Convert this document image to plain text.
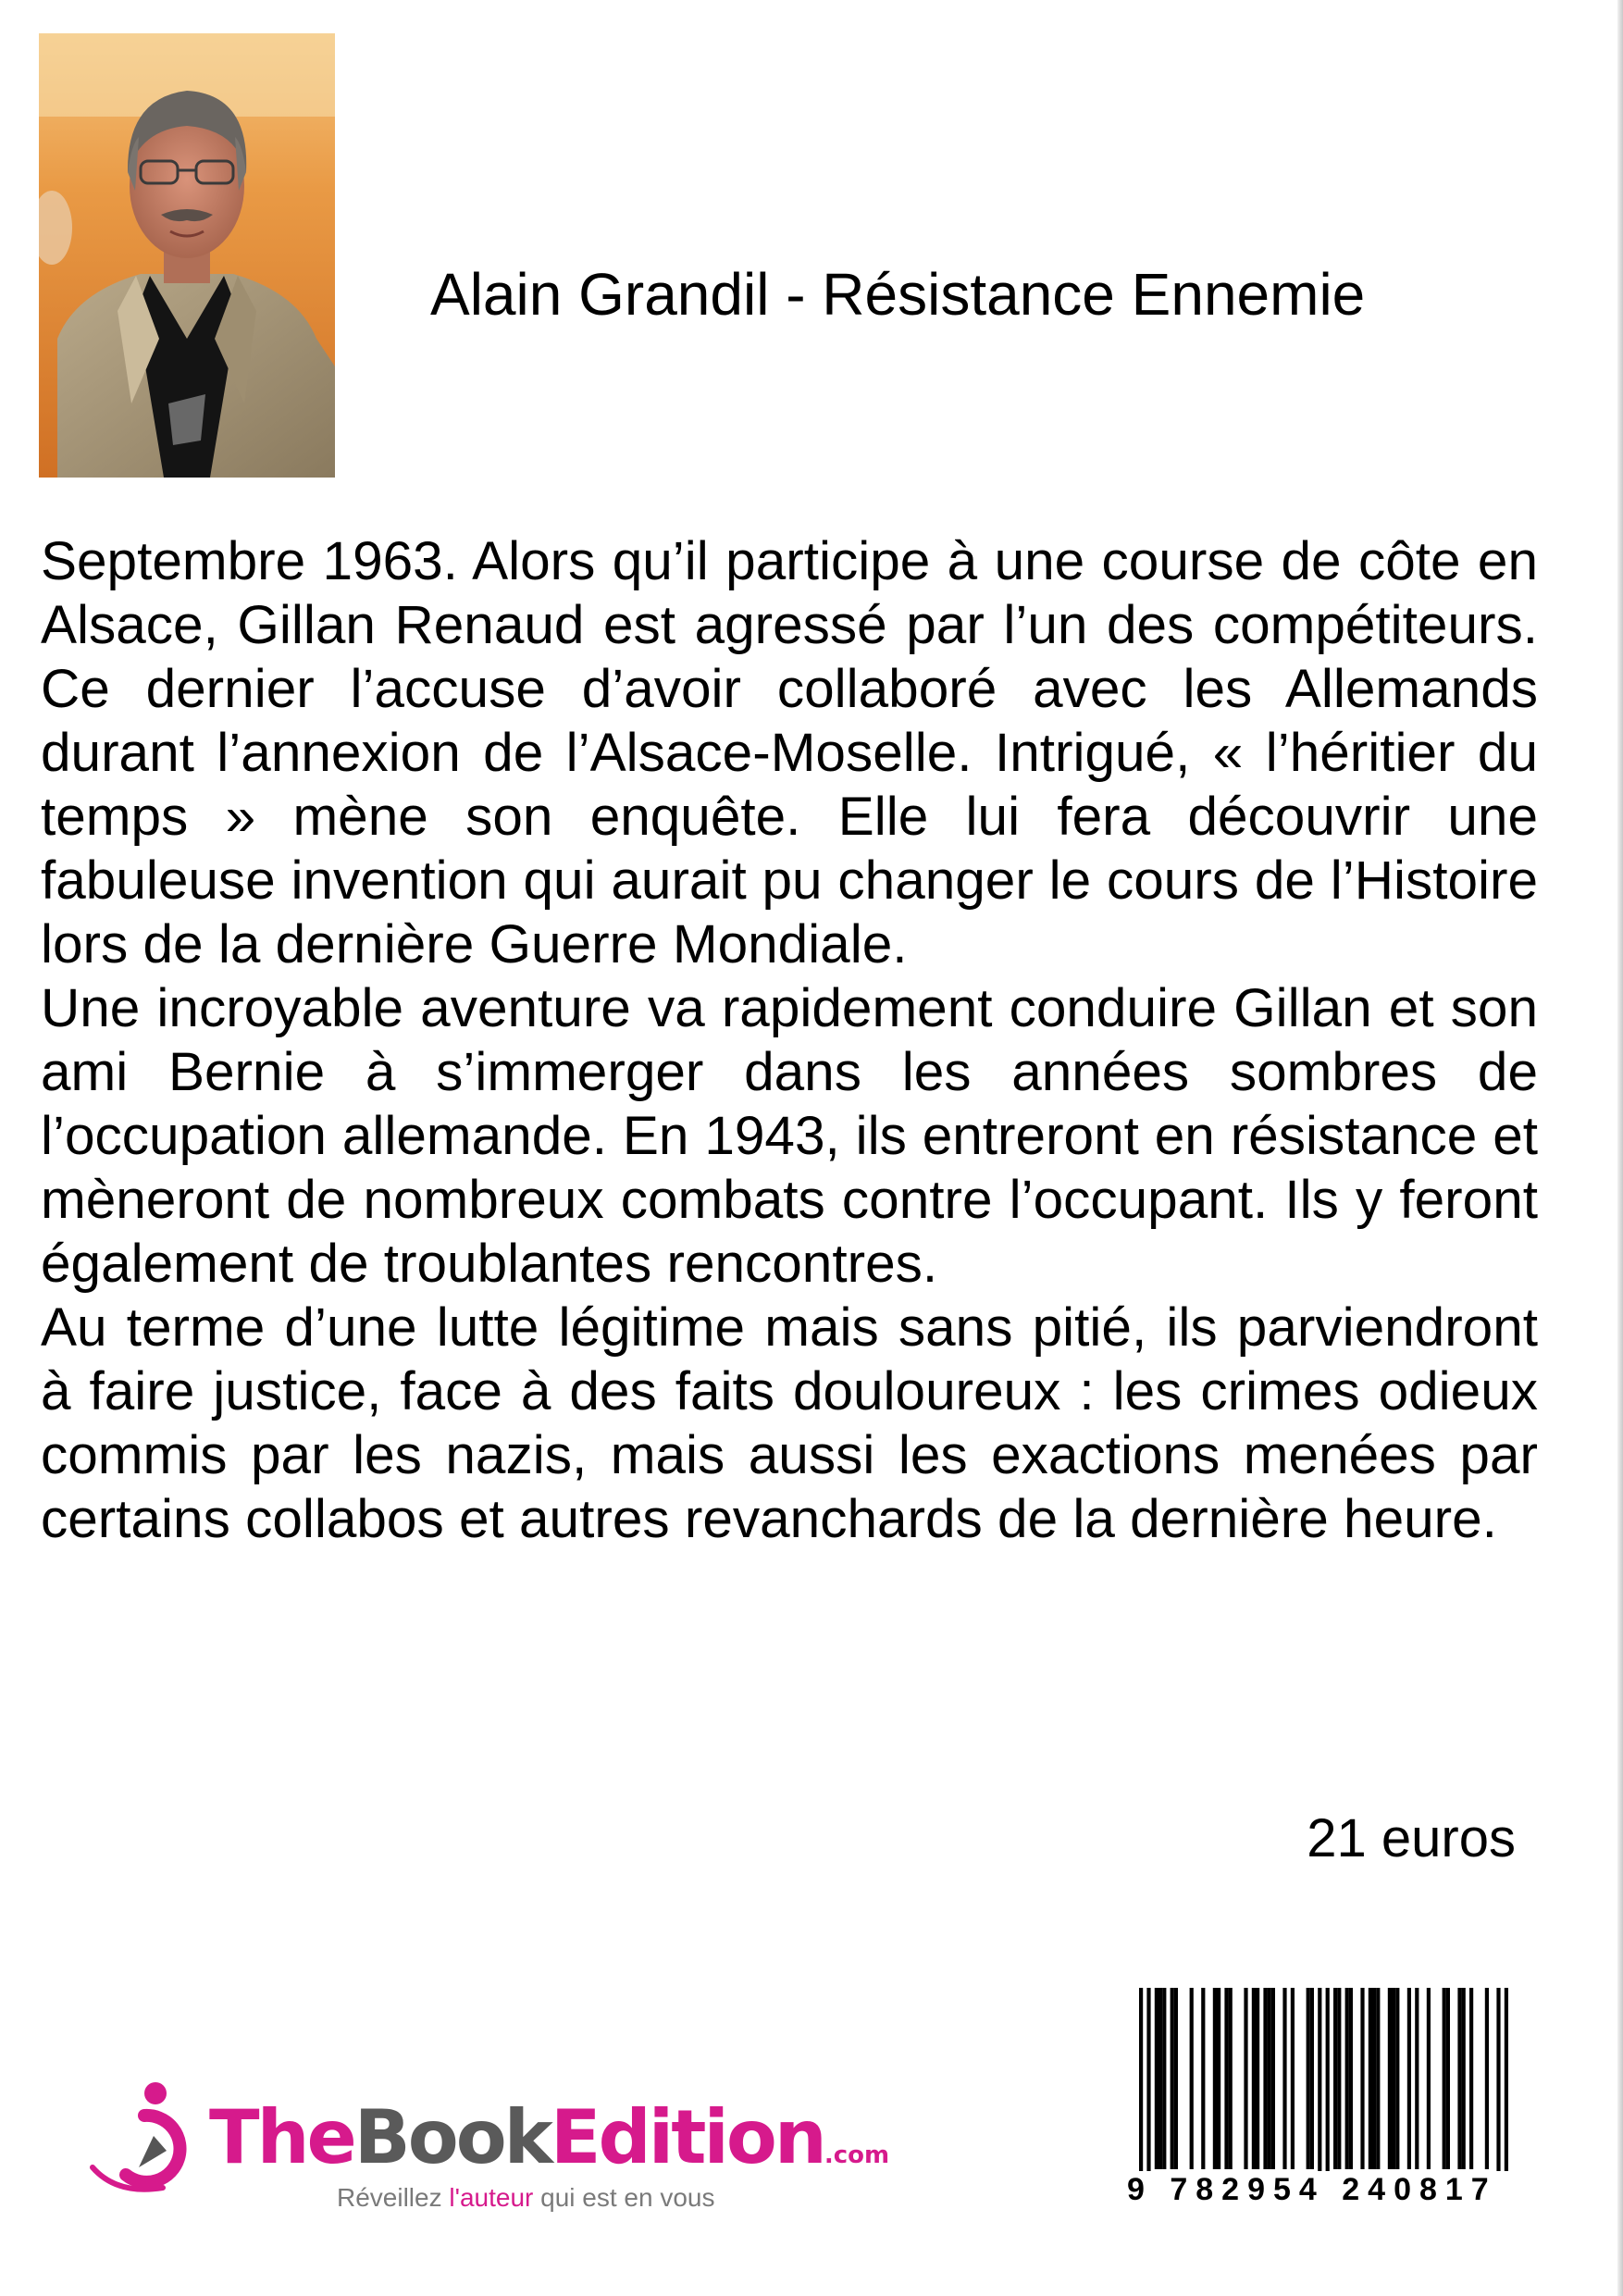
Alain Grandil - Résistance Ennemie

Septembre 1963. Alors qu’il participe à une course de côte en Alsace, Gillan Renaud est agressé par l’un des compétiteurs. Ce dernier l’accuse d’avoir collaboré avec les Allemands durant l’annexion de l’Alsace-Moselle. Intrigué, « l’héritier du temps » mène son enquête. Elle lui fera découvrir une fabuleuse invention qui aurait pu changer le cours de l’Histoire lors de la dernière Guerre Mondiale.

Une incroyable aventure va rapidement conduire Gillan et son ami Bernie à s’immerger dans les années sombres de l’occupation allemande. En 1943, ils entreront en résistance et mèneront de nombreux combats contre l’occupant. Ils y feront également de troublantes rencontres.

Au terme d’une lutte légitime mais sans pitié, ils parviendront à faire justice, face à des faits douloureux : les crimes odieux commis par les nazis, mais aussi les exactions menées par certains collabos et autres revanchards de la dernière heure.

21 euros
TheBookEdition.com
Réveillez l'auteur qui est en vous	9 782954 240817
